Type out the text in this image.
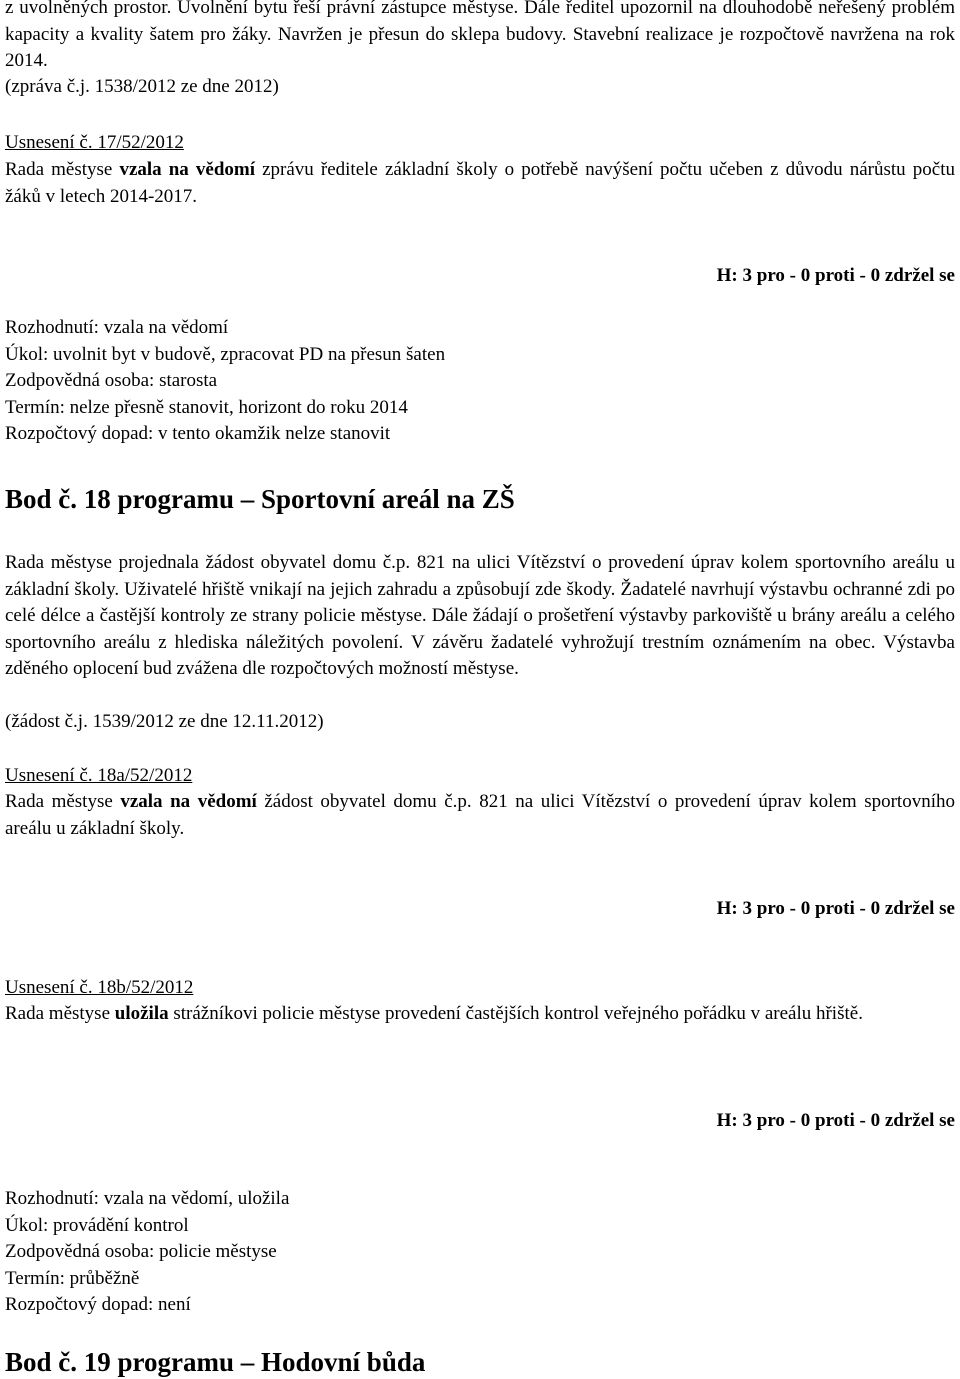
z uvolněných prostor. Uvolnění bytu řeší právní zástupce městyse. Dále ředitel upozornil na dlouhodobě neřešený problém kapacity a kvality šatem pro žáky. Navržen je přesun do sklepa budovy. Stavební realizace je rozpočtově navržena na rok 2014.

(zpráva č.j. 1538/2012 ze dne 2012)

Usnesení č. 17/52/2012

Rada městyse vzala na vědomí zprávu ředitele základní školy o potřebě navýšení počtu učeben z důvodu nárůstu počtu žáků v letech 2014-2017.

H: 3 pro - 0 proti - 0 zdržel se
Rozhodnutí: vzala na vědomí
Úkol: uvolnit byt v budově, zpracovat PD na přesun šaten
Zodpovědná osoba: starosta
Termín: nelze přesně stanovit, horizont do roku 2014
Rozpočtový dopad: v tento okamžik nelze stanovit
Bod č. 18 programu – Sportovní areál na ZŠ

Rada městyse projednala žádost obyvatel domu č.p. 821 na ulici Vítězství o provedení úprav kolem sportovního areálu u základní školy. Uživatelé hřiště vnikají na jejich zahradu a způsobují zde škody. Žadatelé navrhují výstavbu ochranné zdi po celé délce a častější kontroly ze strany policie městyse. Dále žádají o prošetření výstavby parkoviště u brány areálu a celého sportovního areálu z hlediska náležitých povolení. V závěru žadatelé vyhrožují trestním oznámením na obec. Výstavba zděného oplocení bud zvážena dle rozpočtových možností městyse.

(žádost č.j. 1539/2012 ze dne 12.11.2012)

Usnesení č. 18a/52/2012

Rada městyse vzala na vědomí žádost obyvatel domu č.p. 821 na ulici Vítězství o provedení úprav kolem sportovního areálu u základní školy.

H: 3 pro - 0 proti - 0 zdržel se

Usnesení č. 18b/52/2012

Rada městyse uložila strážníkovi policie městyse provedení častějších kontrol veřejného pořádku v areálu hřiště.

H: 3 pro - 0 proti - 0 zdržel se
Rozhodnutí: vzala na vědomí, uložila
Úkol: provádění kontrol
Zodpovědná osoba: policie městyse
Termín: průběžně
Rozpočtový dopad: není
Bod č. 19 programu – Hodovní bůda
